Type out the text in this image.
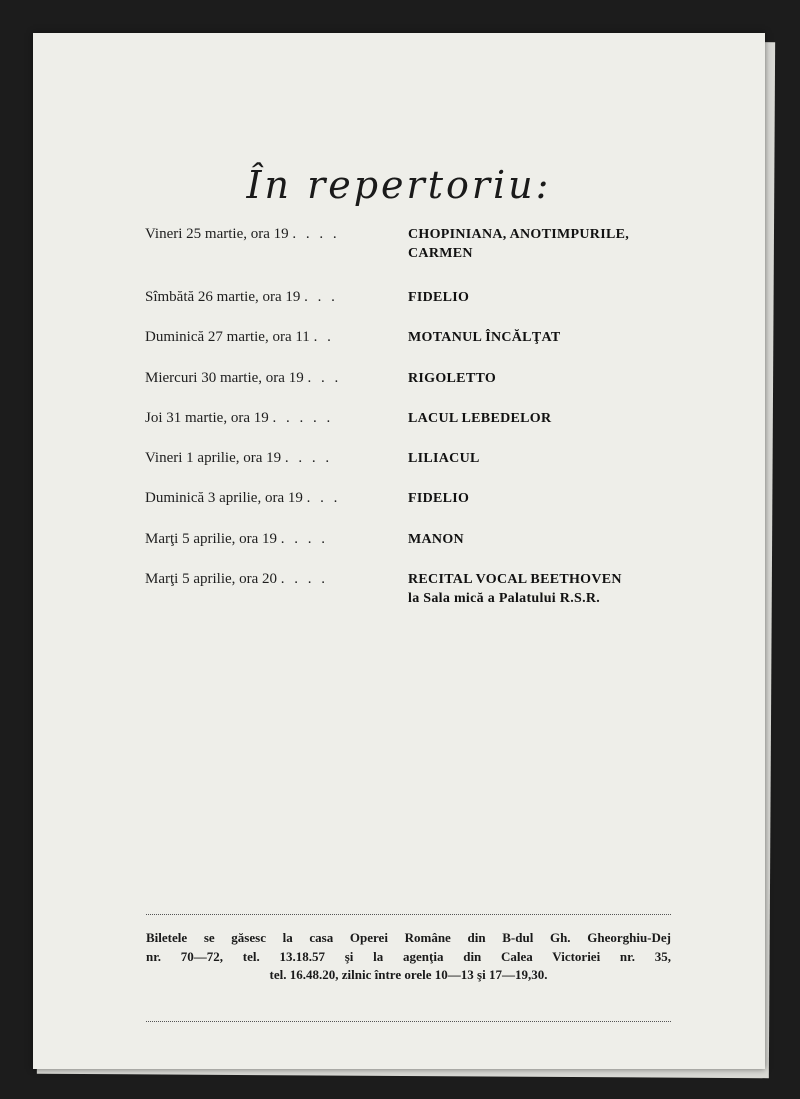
În repertoriu:
Vineri 25 martie, ora 19 . . . .	CHOPINIANA, ANOTIMPURILE,
CARMEN
Sîmbătă 26 martie, ora 19 . . .	FIDELIO
Duminică 27 martie, ora 11 . .	MOTANUL ÎNCĂLŢAT
Miercuri 30 martie, ora 19 . . .	RIGOLETTO
Joi 31 martie, ora 19 . . . . .	LACUL LEBEDELOR
Vineri 1 aprilie, ora 19 . . . .	LILIACUL
Duminică 3 aprilie, ora 19 . . .	FIDELIO
Marţi 5 aprilie, ora 19 . . . .	MANON
Marţi 5 aprilie, ora 20 . . . .	RECITAL VOCAL BEETHOVEN
la Sala mică a Palatului R.S.R.
Biletele se găsesc la casa Operei Române din B-dul Gh. Gheorghiu-Dej
nr. 70—72, tel. 13.18.57 şi la agenţia din Calea Victoriei nr. 35,
tel. 16.48.20, zilnic între orele 10—13 şi 17—19,30.
